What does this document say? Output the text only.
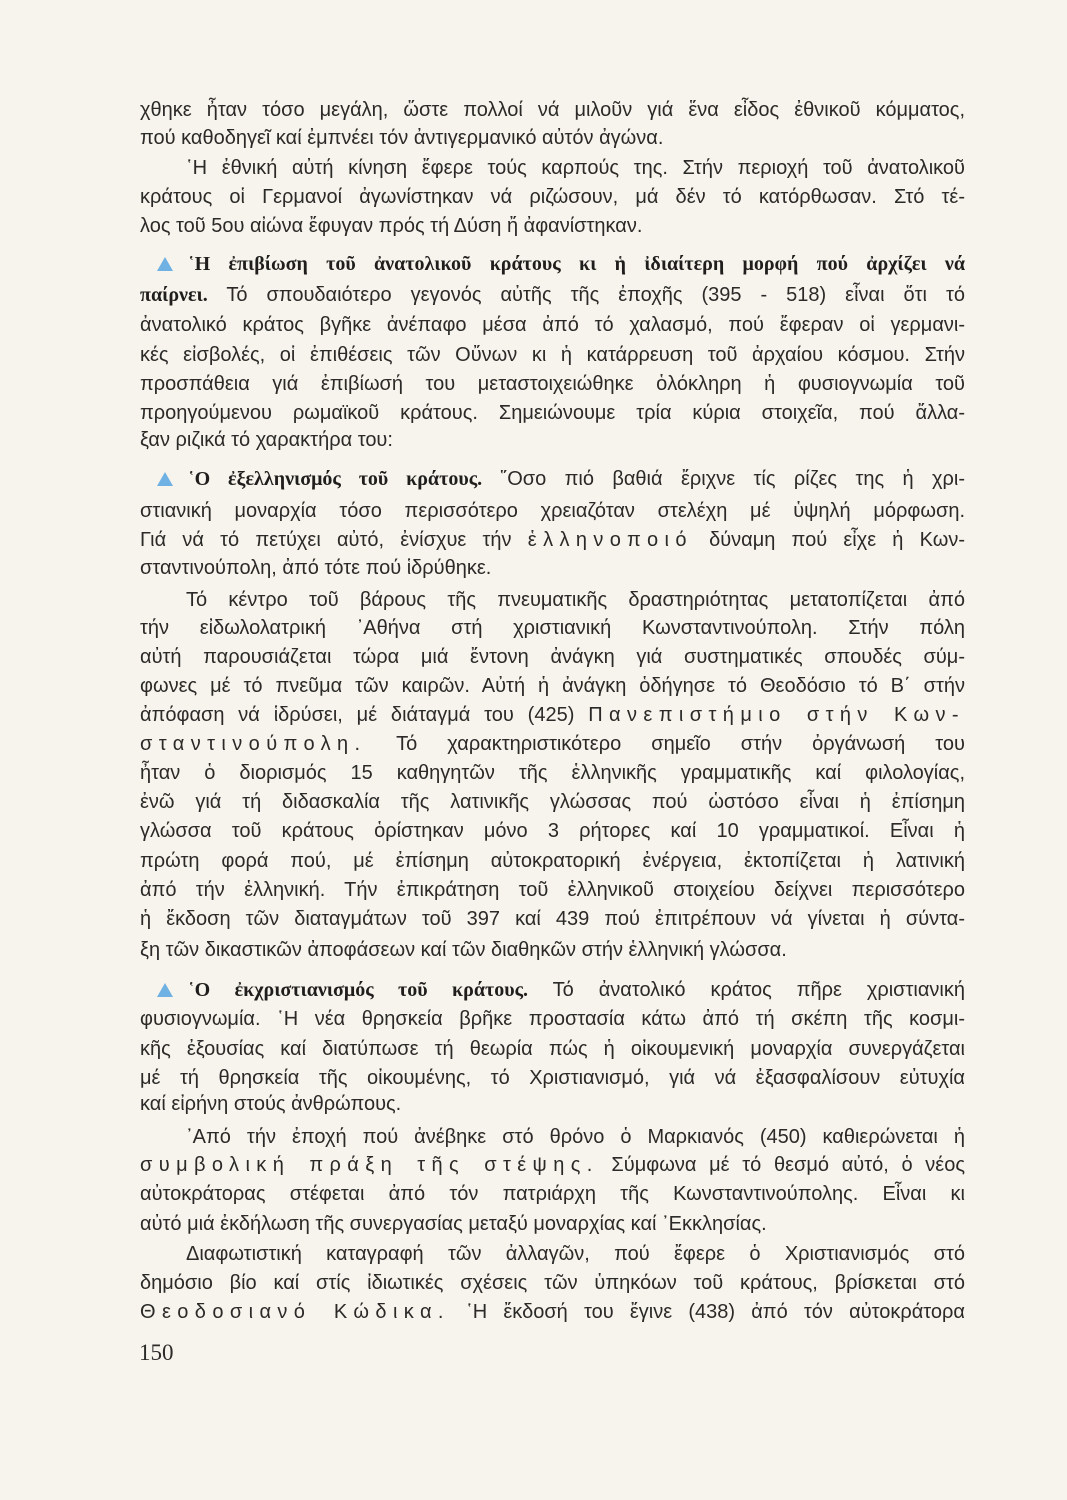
150
χθηκε ἦταν τόσο μεγάλη, ὥστε πολλοί νά μιλοῦν γιά ἕνα εἶδος ἐθνικοῦ κόμματος,
πού καθοδηγεῖ καί ἐμπνέει τόν ἀντιγερμανικό αὐτόν ἀγώνα.
῾Η ἐθνική αὐτή κίνηση ἔφερε τούς καρπούς της. Στήν περιοχή τοῦ ἀνατολικοῦ
κράτους οἱ Γερμανοί ἀγωνίστηκαν νά ριζώσουν, μά δέν τό κατόρθωσαν. Στό τέ-
λος τοῦ 5ου αἰώνα ἔφυγαν πρός τή Δύση ἤ ἀφανίστηκαν.
῾Η ἐπιβίωση τοῦ ἀνατολικοῦ κράτους κι ἡ ἰδιαίτερη μορφή πού ἀρχίζει νά
παίρνει. Τό σπουδαιότερο γεγονός αὐτῆς τῆς ἐποχῆς (395 - 518) εἶναι ὅτι τό
ἀνατολικό κράτος βγῆκε ἀνέπαφο μέσα ἀπό τό χαλασμό, πού ἔφεραν οἱ γερμανι-
κές εἰσβολές, οἱ ἐπιθέσεις τῶν Οὔνων κι ἡ κατάρρευση τοῦ ἀρχαίου κόσμου. Στήν
προσπάθεια γιά ἐπιβίωσή του μεταστοιχειώθηκε ὁλόκληρη ἡ φυσιογνωμία τοῦ
προηγούμενου ρωμαϊκοῦ κράτους. Σημειώνουμε τρία κύρια στοιχεῖα, πού ἄλλα-
ξαν ριζικά τό χαρακτήρα του:
῾Ο ἐξελληνισμός τοῦ κράτους. ῞Οσο πιό βαθιά ἔριχνε τίς ρίζες της ἡ χρι-
στιανική μοναρχία τόσο περισσότερο χρειαζόταν στελέχη μέ ὑψηλή μόρφωση.
Γιά νά τό πετύχει αὐτό, ἐνίσχυε τήν ἑλληνοποιό δύναμη πού εἶχε ἡ Κων-
σταντινούπολη, ἀπό τότε πού ἱδρύθηκε.
Τό κέντρο τοῦ βάρους τῆς πνευματικῆς δραστηριότητας μετατοπίζεται ἀπό
τήν εἰδωλολατρική ᾿Αθήνα στή χριστιανική Κωνσταντινούπολη. Στήν πόλη
αὐτή παρουσιάζεται τώρα μιά ἔντονη ἀνάγκη γιά συστηματικές σπουδές σύμ-
φωνες μέ τό πνεῦμα τῶν καιρῶν. Αὐτή ἡ ἀνάγκη ὁδήγησε τό Θεοδόσιο τό Β΄ στήν
ἀπόφαση νά ἱδρύσει, μέ διάταγμά του (425) Πανεπιστήμιο στήν Κων-
σταντινούπολη. Τό χαρακτηριστικότερο σημεῖο στήν ὀργάνωσή του
ἦταν ὁ διορισμός 15 καθηγητῶν τῆς ἑλληνικῆς γραμματικῆς καί φιλολογίας,
ἐνῶ γιά τή διδασκαλία τῆς λατινικῆς γλώσσας πού ὡστόσο εἶναι ἡ ἐπίσημη
γλώσσα τοῦ κράτους ὁρίστηκαν μόνο 3 ρήτορες καί 10 γραμματικοί. Εἶναι ἡ
πρώτη φορά πού, μέ ἐπίσημη αὐτοκρατορική ἐνέργεια, ἐκτοπίζεται ἡ λατινική
ἀπό τήν ἑλληνική. Τήν ἐπικράτηση τοῦ ἑλληνικοῦ στοιχείου δείχνει περισσότερο
ἡ ἔκδοση τῶν διαταγμάτων τοῦ 397 καί 439 πού ἐπιτρέπουν νά γίνεται ἡ σύντα-
ξη τῶν δικαστικῶν ἀποφάσεων καί τῶν διαθηκῶν στήν ἑλληνική γλώσσα.
῾Ο ἐκχριστιανισμός τοῦ κράτους. Τό ἀνατολικό κράτος πῆρε χριστιανική
φυσιογνωμία. ῾Η νέα θρησκεία βρῆκε προστασία κάτω ἀπό τή σκέπη τῆς κοσμι-
κῆς ἐξουσίας καί διατύπωσε τή θεωρία πώς ἡ οἰκουμενική μοναρχία συνεργάζεται
μέ τή θρησκεία τῆς οἰκουμένης, τό Χριστιανισμό, γιά νά ἐξασφαλίσουν εὐτυχία
καί εἰρήνη στούς ἀνθρώπους.
᾿Από τήν ἐποχή πού ἀνέβηκε στό θρόνο ὁ Μαρκιανός (450) καθιερώνεται ἡ
συμβολική πράξη τῆς στέψης. Σύμφωνα μέ τό θεσμό αὐτό, ὁ νέος
αὐτοκράτορας στέφεται ἀπό τόν πατριάρχη τῆς Κωνσταντινούπολης. Εἶναι κι
αὐτό μιά ἐκδήλωση τῆς συνεργασίας μεταξύ μοναρχίας καί ᾿Εκκλησίας.
Διαφωτιστική καταγραφή τῶν ἀλλαγῶν, πού ἔφερε ὁ Χριστιανισμός στό
δημόσιο βίο καί στίς ἰδιωτικές σχέσεις τῶν ὑπηκόων τοῦ κράτους, βρίσκεται στό
Θεοδοσιανό Κώδικα. ῾Η ἔκδοσή του ἔγινε (438) ἀπό τόν αὐτοκράτορα
